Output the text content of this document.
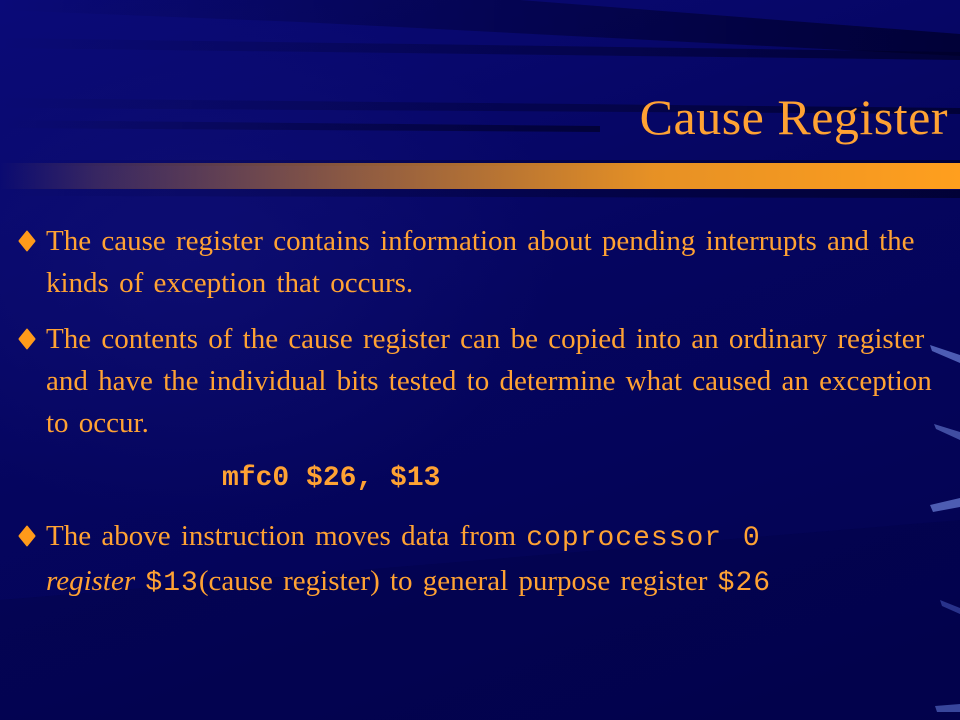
Cause Register
The cause register contains information about pending interrupts and the kinds of exception that occurs.
The contents of the cause register can be copied into an ordinary register and have the individual bits tested to determine what caused an exception to occur.
mfc0 $26, $13
The above instruction moves data from coprocessor 0
register $13(cause register) to general purpose register $26
